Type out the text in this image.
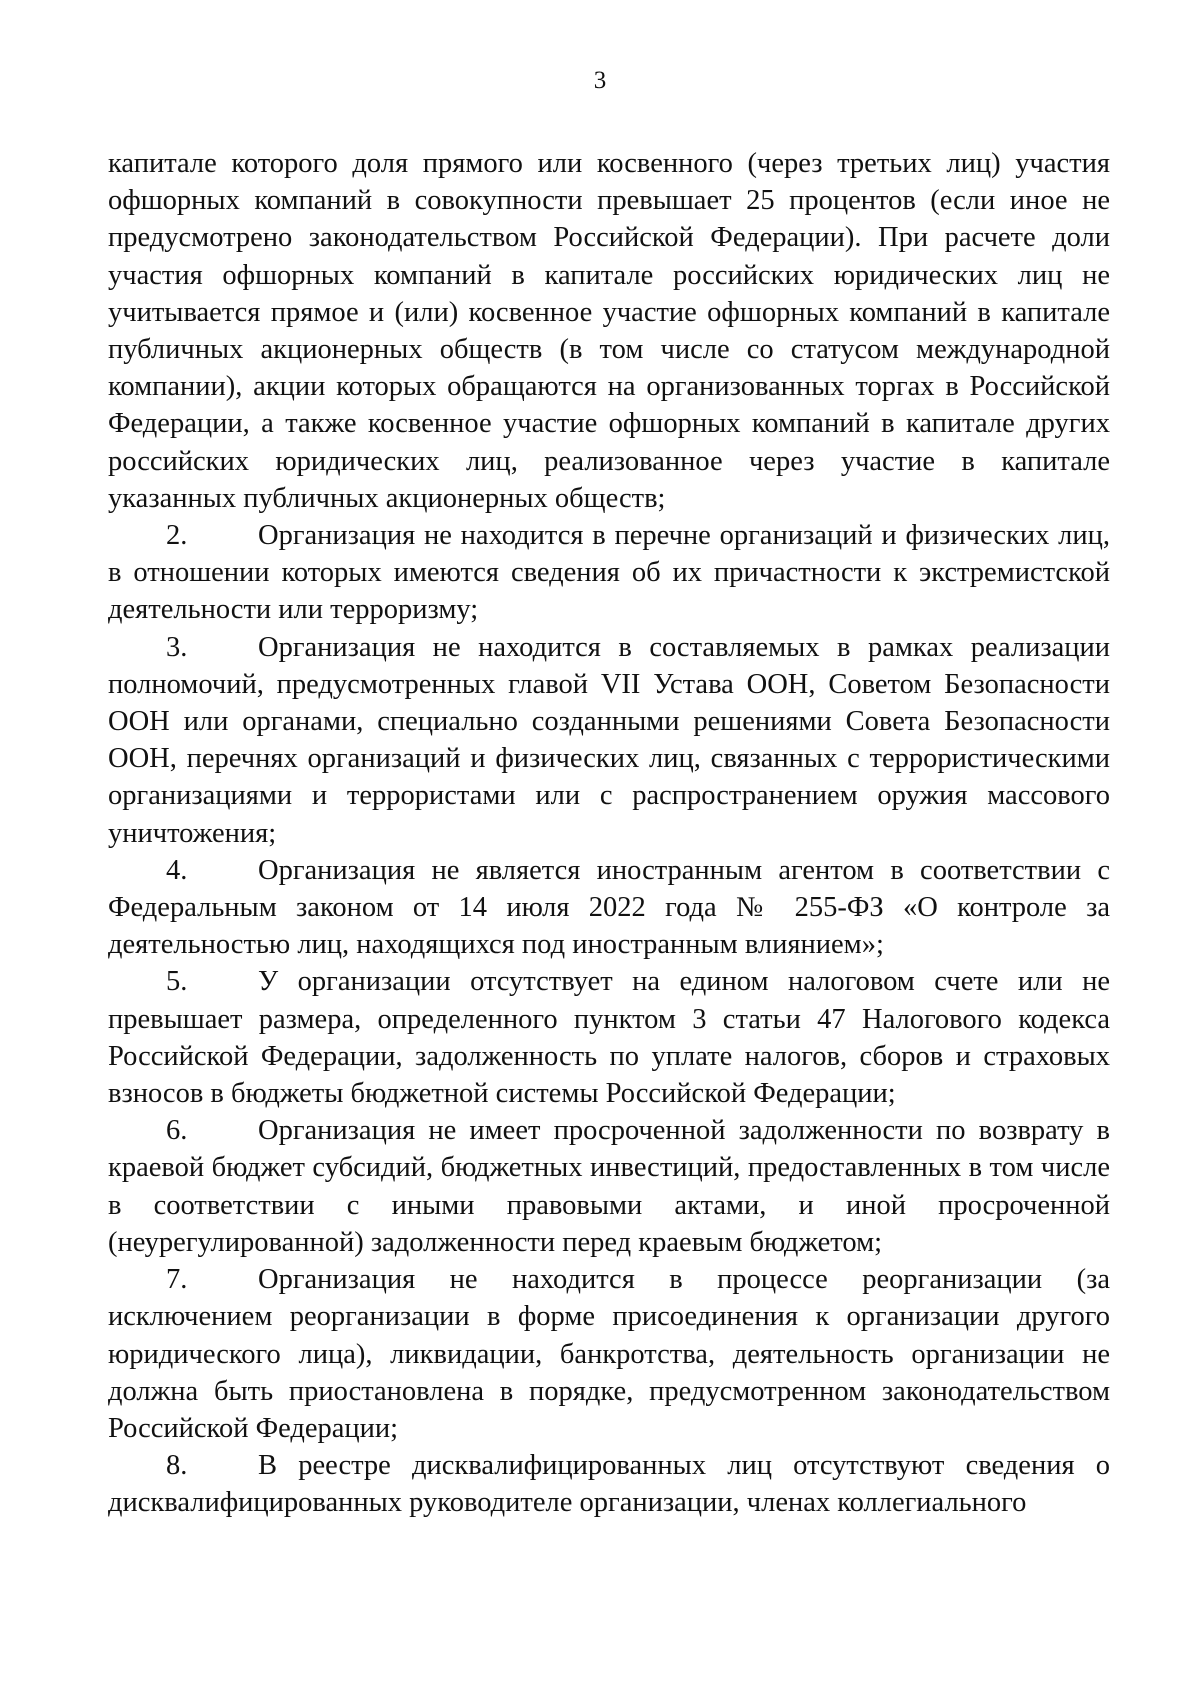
3

капитале которого доля прямого или косвенного (через третьих лиц) участия офшорных компаний в совокупности превышает 25 процентов (если иное не предусмотрено законодательством Российской Федерации). При расчете доли участия офшорных компаний в капитале российских юридических лиц не учитывается прямое и (или) косвенное участие офшорных компаний в капитале публичных акционерных обществ (в том числе со статусом международной компании), акции которых обращаются на организованных торгах в Российской Федерации, а также косвенное участие офшорных компаний в капитале других российских юридических лиц, реализованное через участие в капитале указанных публичных акционерных обществ;

2. Организация не находится в перечне организаций и физических лиц, в отношении которых имеются сведения об их причастности к экстремистской деятельности или терроризму;

3. Организация не находится в составляемых в рамках реализации полномочий, предусмотренных главой VII Устава ООН, Советом Безопасности ООН или органами, специально созданными решениями Совета Безопасности ООН, перечнях организаций и физических лиц, связанных с террористическими организациями и террористами или с распространением оружия массового уничтожения;

4. Организация не является иностранным агентом в соответствии с Федеральным законом от 14 июля 2022 года № 255-ФЗ «О контроле за деятельностью лиц, находящихся под иностранным влиянием»;

5. У организации отсутствует на едином налоговом счете или не превышает размера, определенного пунктом 3 статьи 47 Налогового кодекса Российской Федерации, задолженность по уплате налогов, сборов и страховых взносов в бюджеты бюджетной системы Российской Федерации;

6. Организация не имеет просроченной задолженности по возврату в краевой бюджет субсидий, бюджетных инвестиций, предоставленных в том числе в соответствии с иными правовыми актами, и иной просроченной (неурегулированной) задолженности перед краевым бюджетом;

7. Организация не находится в процессе реорганизации (за исключением реорганизации в форме присоединения к организации другого юридического лица), ликвидации, банкротства, деятельность организации не должна быть приостановлена в порядке, предусмотренном законодательством Российской Федерации;

8. В реестре дисквалифицированных лиц отсутствуют сведения о дисквалифицированных руководителе организации, членах коллегиального
